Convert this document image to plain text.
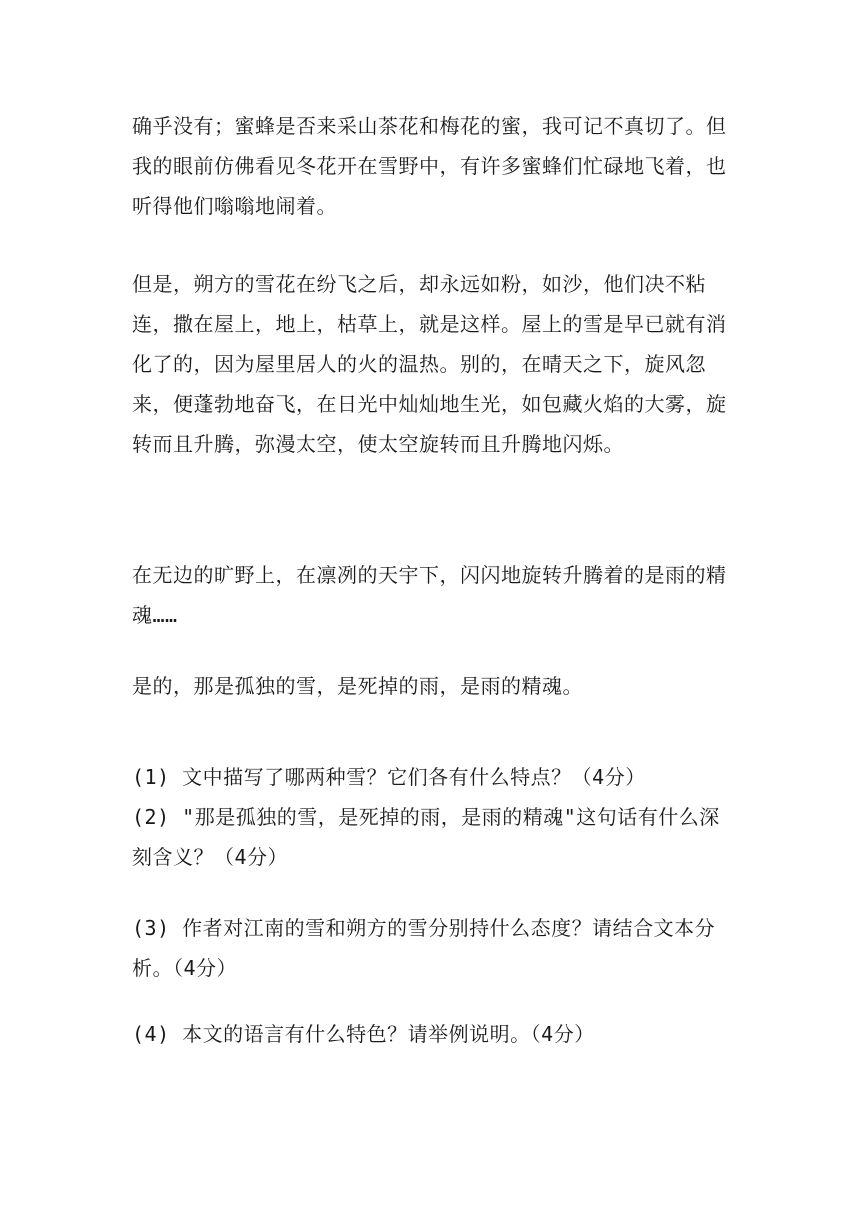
确乎没有；蜜蜂是否来采山茶花和梅花的蜜，我可记不真切了。但我的眼前仿佛看见冬花开在雪野中，有许多蜜蜂们忙碌地飞着，也听得他们嗡嗡地闹着。

但是，朔方的雪花在纷飞之后，却永远如粉，如沙，他们决不粘连，撒在屋上，地上，枯草上，就是这样。屋上的雪是早已就有消化了的，因为屋里居人的火的温热。别的，在晴天之下，旋风忽来，便蓬勃地奋飞，在日光中灿灿地生光，如包藏火焰的大雾，旋转而且升腾，弥漫太空，使太空旋转而且升腾地闪烁。

在无边的旷野上，在凛冽的天宇下，闪闪地旋转升腾着的是雨的精魂……

是的，那是孤独的雪，是死掉的雨，是雨的精魂。

(1) 文中描写了哪两种雪？它们各有什么特点？（4分）

(2) "那是孤独的雪，是死掉的雨，是雨的精魂"这句话有什么深刻含义？（4分）

(3) 作者对江南的雪和朔方的雪分别持什么态度？请结合文本分析。（4分）

(4) 本文的语言有什么特色？请举例说明。（4分）
